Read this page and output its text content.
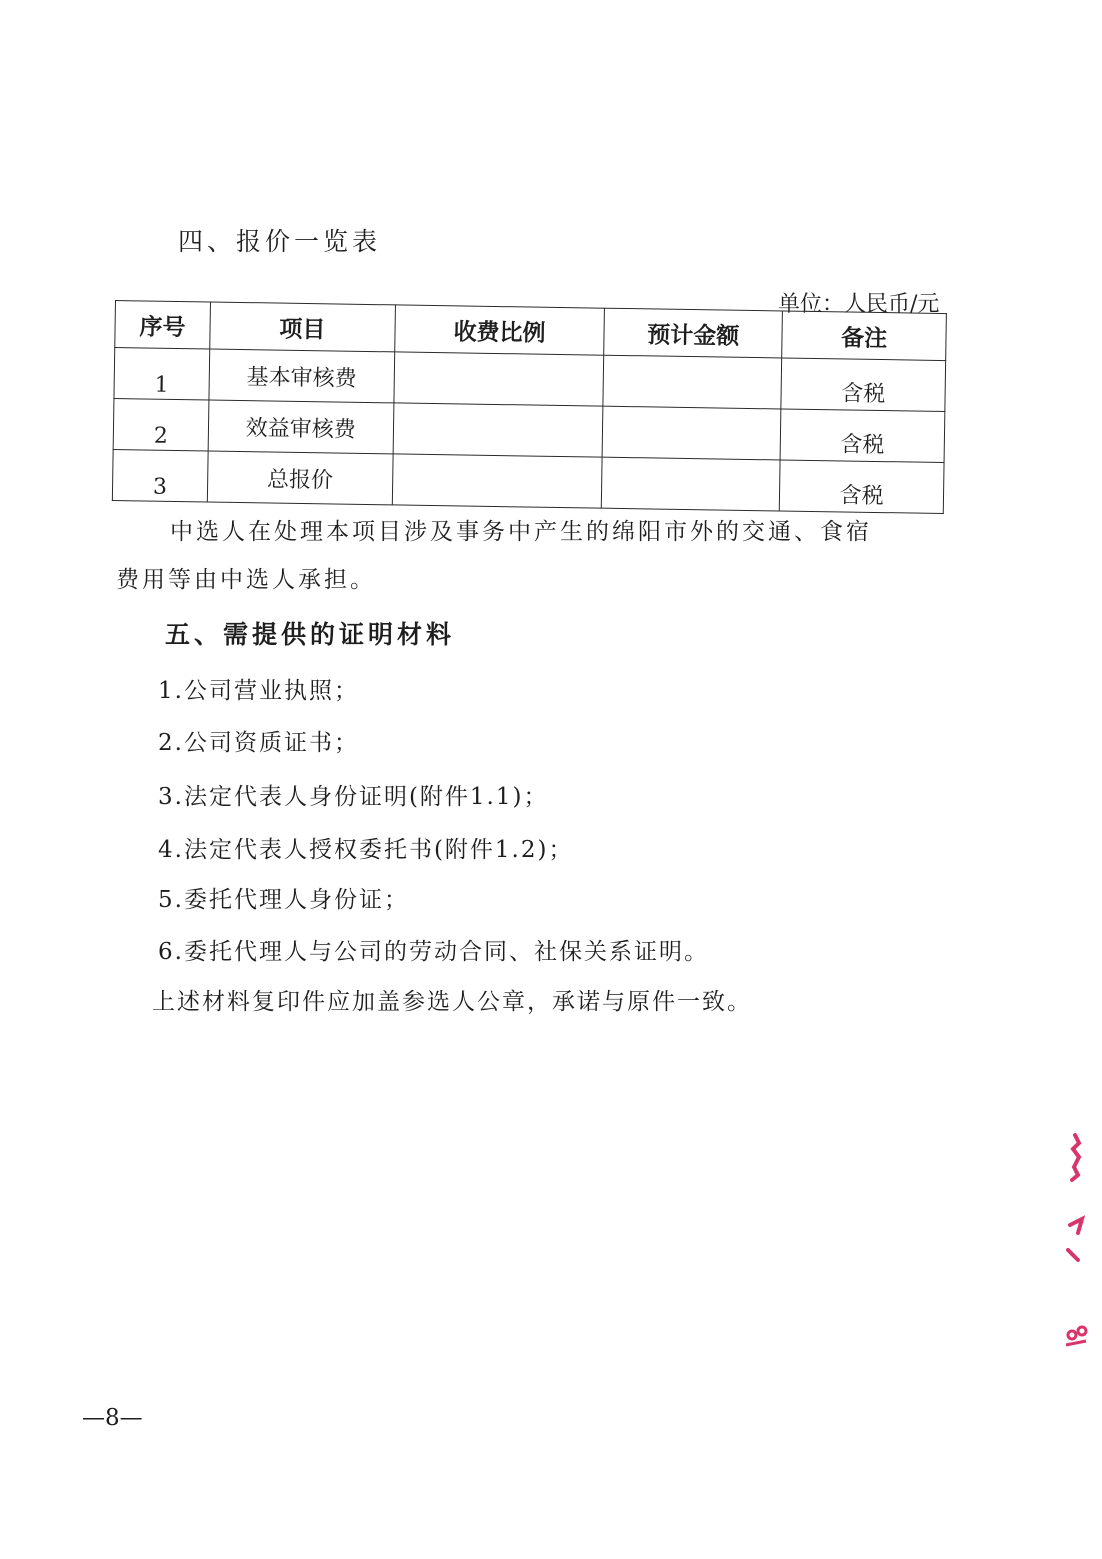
四、报价一览表
单位：人民币/元
序号	项目	收费比例	预计金额	备注
1	基本审核费			含税
2	效益审核费			含税
3	总报价			含税
中选人在处理本项目涉及事务中产生的绵阳市外的交通、食宿
费用等由中选人承担。
五、需提供的证明材料
1.公司营业执照；
2.公司资质证书；
3.法定代表人身份证明(附件1.1)；
4.法定代表人授权委托书(附件1.2)；
5.委托代理人身份证；
6.委托代理人与公司的劳动合同、社保关系证明。
上述材料复印件应加盖参选人公章，承诺与原件一致。
—8—
